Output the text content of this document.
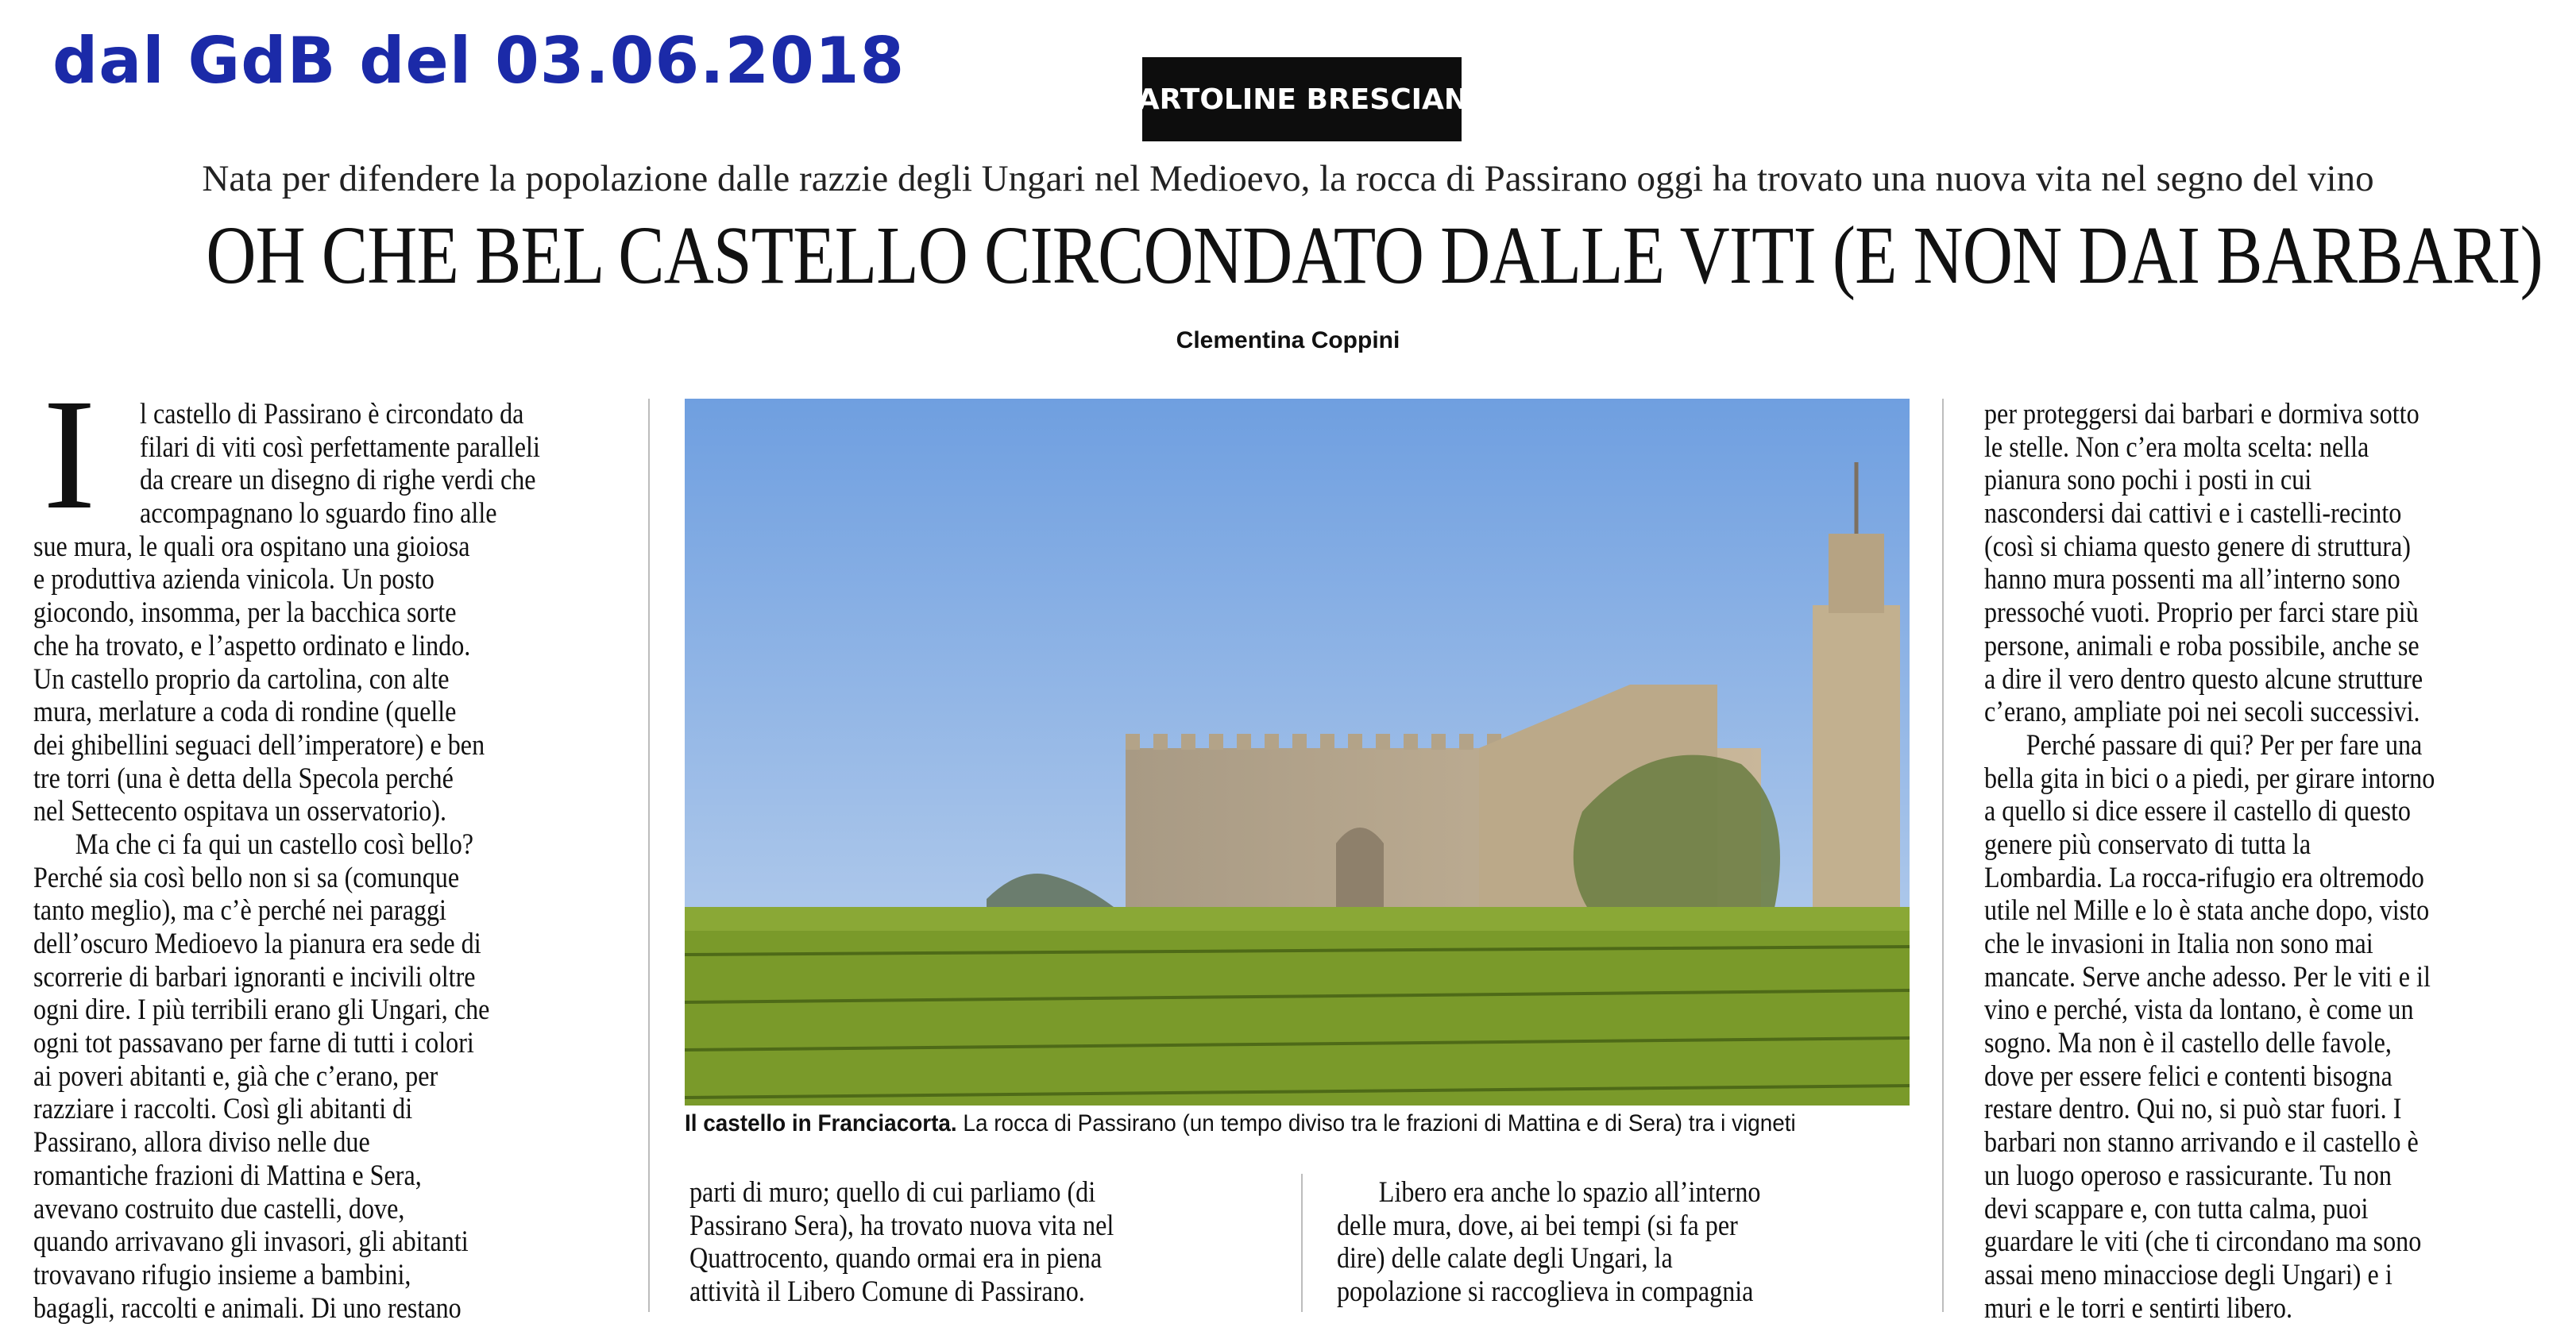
dal GdB del 03.06.2018
CARTOLINE BRESCIANE
Nata per difendere la popolazione dalle razzie degli Ungari nel Medioevo, la rocca di Passirano oggi ha trovato una nuova vita nel segno del vino
OH CHE BEL CASTELLO CIRCONDATO DALLE VITI (E NON DAI BARBARI)
Clementina Coppini
I l castello di Passirano è circondato da
filari di viti così perfettamente paralleli
da creare un disegno di righe verdi che
accompagnano lo sguardo fino alle
sue mura, le quali ora ospitano una gioiosa
e produttiva azienda vinicola. Un posto
giocondo, insomma, per la bacchica sorte
che ha trovato, e l’aspetto ordinato e lindo.
Un castello proprio da cartolina, con alte
mura, merlature a coda di rondine (quelle
dei ghibellini seguaci dell’imperatore) e ben
tre torri (una è detta della Specola perché
nel Settecento ospitava un osservatorio).
Ma che ci fa qui un castello così bello?
Perché sia così bello non si sa (comunque
tanto meglio), ma c’è perché nei paraggi
dell’oscuro Medioevo la pianura era sede di
scorrerie di barbari ignoranti e incivili oltre
ogni dire. I più terribili erano gli Ungari, che
ogni tot passavano per farne di tutti i colori
ai poveri abitanti e, già che c’erano, per
razziare i raccolti. Così gli abitanti di
Passirano, allora diviso nelle due
romantiche frazioni di Mattina e Sera,
avevano costruito due castelli, dove,
quando arrivavano gli invasori, gli abitanti
trovavano rifugio insieme a bambini,
bagagli, raccolti e animali. Di uno restano
Il castello in Franciacorta. La rocca di Passirano (un tempo diviso tra le frazioni di Mattina e di Sera) tra i vigneti
parti di muro; quello di cui parliamo (di
Passirano Sera), ha trovato nuova vita nel
Quattrocento, quando ormai era in piena
attività il Libero Comune di Passirano.
Libero era anche lo spazio all’interno
delle mura, dove, ai bei tempi (si fa per
dire) delle calate degli Ungari, la
popolazione si raccoglieva in compagnia
per proteggersi dai barbari e dormiva sotto
le stelle. Non c’era molta scelta: nella
pianura sono pochi i posti in cui
nascondersi dai cattivi e i castelli-recinto
(così si chiama questo genere di struttura)
hanno mura possenti ma all’interno sono
pressoché vuoti. Proprio per farci stare più
persone, animali e roba possibile, anche se
a dire il vero dentro questo alcune strutture
c’erano, ampliate poi nei secoli successivi.
Perché passare di qui? Per per fare una
bella gita in bici o a piedi, per girare intorno
a quello si dice essere il castello di questo
genere più conservato di tutta la
Lombardia. La rocca-rifugio era oltremodo
utile nel Mille e lo è stata anche dopo, visto
che le invasioni in Italia non sono mai
mancate. Serve anche adesso. Per le viti e il
vino e perché, vista da lontano, è come un
sogno. Ma non è il castello delle favole,
dove per essere felici e contenti bisogna
restare dentro. Qui no, si può star fuori. I
barbari non stanno arrivando e il castello è
un luogo operoso e rassicurante. Tu non
devi scappare e, con tutta calma, puoi
guardare le viti (che ti circondano ma sono
assai meno minacciose degli Ungari) e i
muri e le torri e sentirti libero.
